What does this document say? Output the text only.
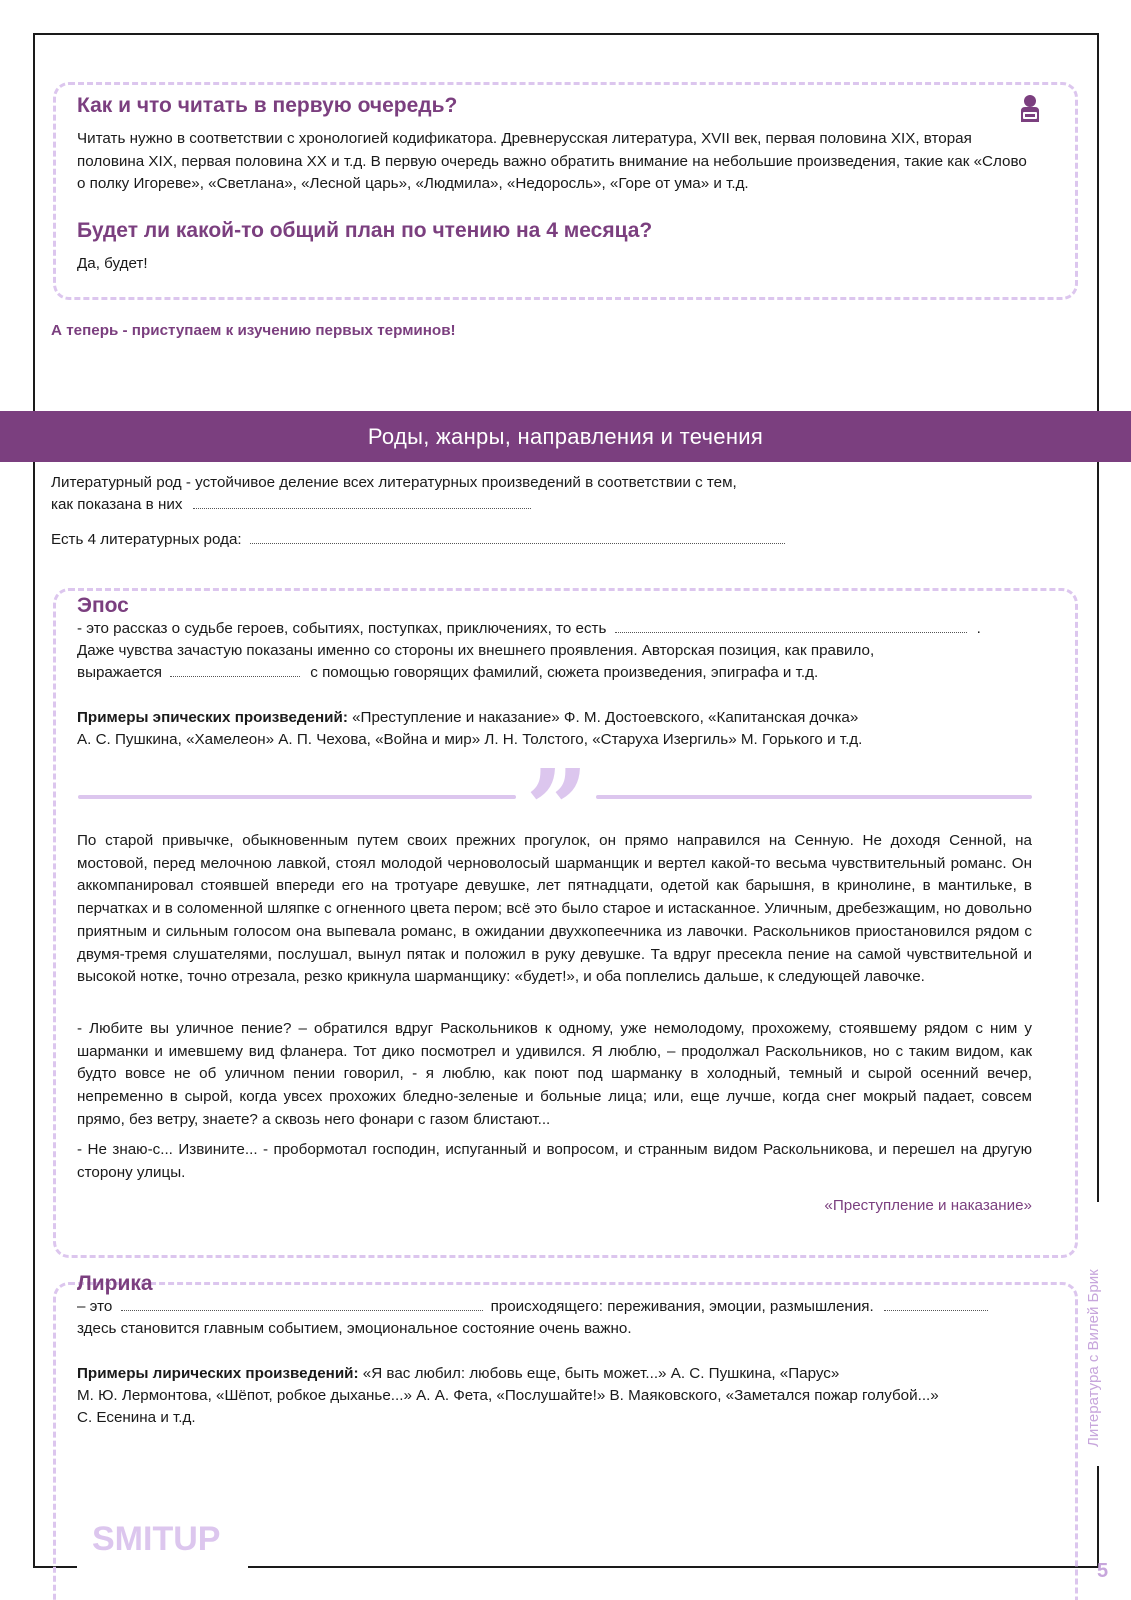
Как и что читать в первую очередь?

Читать нужно в соответствии с хронологией кодификатора. Древнерусская литература, XVII век, первая половина XIX, вторая половина XIX, первая половина XX и т.д. В первую очередь важно обратить внимание на небольшие произведения, такие как «Слово о полку Игореве», «Светлана», «Лесной царь», «Людмила», «Недоросль», «Горе от ума» и т.д.

Будет ли какой-то общий план по чтению на 4 месяца?

Да, будет!

А теперь - приступаем к изучению первых терминов!

Роды, жанры, направления и течения

Литературный род - устойчивое деление всех литературных произведений в соответствии с тем,

как показана в них

Есть 4 литературных рода:

Эпос

- это рассказ о судьбе героев, событиях, поступках, приключениях, то есть	.

Даже чувства зачастую показаны именно со стороны их внешнего проявления. Авторская позиция, как правило,

выражается	с помощью говорящих фамилий, сюжета произведения, эпиграфа и т.д.

Примеры эпических произведений: «Преступление и наказание» Ф. М. Достоевского, «Капитанская дочка»

А. С. Пушкина, «Хамелеон» А. П. Чехова, «Война и мир» Л. Н. Толстого, «Старуха Изергиль» М. Горького и т.д.

”

По старой привычке, обыкновенным путем своих прежних прогулок, он прямо направился на Сенную. Не доходя Сенной, на мостовой, перед мелочною лавкой, стоял молодой черноволосый шарманщик и вертел какой-то весьма чувствительный романс. Он аккомпанировал стоявшей впереди его на тротуаре девушке, лет пятнадцати, одетой как барышня, в кринолине, в мантильке, в перчатках и в соломенной шляпке с огненного цвета пером; всё это было старое и истасканное. Уличным, дребезжащим, но довольно приятным и сильным голосом она выпевала романс, в ожидании двухкопеечника из лавочки. Раскольников приостановился рядом с двумя-тремя слушателями, послушал, вынул пятак и положил в руку девушке. Та вдруг пресекла пение на самой чувствительной и высокой нотке, точно отрезала, резко крикнула шарманщику: «будет!», и оба поплелись дальше, к следующей лавочке.

- Любите вы уличное пение? – обратился вдруг Раскольников к одному, уже немолодому, прохожему, стоявшему рядом с ним у шарманки и имевшему вид фланера. Тот дико посмотрел и удивился. Я люблю, – продолжал Раскольников, но с таким видом, как будто вовсе не об уличном пении говорил, - я люблю, как поют под шарманку в холодный, темный и сырой осенний вечер, непременно в сырой, когда увсех прохожих бледно-зеленые и больные лица; или, еще лучше, когда снег мокрый падает, совсем прямо, без ветру, знаете? а сквозь него фонари с газом блистают...

- Не знаю-с... Извините... - пробормотал господин, испуганный и вопросом, и странным видом Раскольникова, и перешел на другую сторону улицы.

«Преступление и наказание»

Лирика

– это	происходящего: переживания, эмоции, размышления.

здесь становится главным событием, эмоциональное состояние очень важно.

Примеры лирических произведений: «Я вас любил: любовь еще, быть может...» А. С. Пушкина, «Парус»

М. Ю. Лермонтова, «Шёпот, робкое дыханье...» А. А. Фета, «Послушайте!» В. Маяковского, «Заметался пожар голубой...»

С. Есенина и т.д.	Литература с Вилей Брик
5
SMITUP
